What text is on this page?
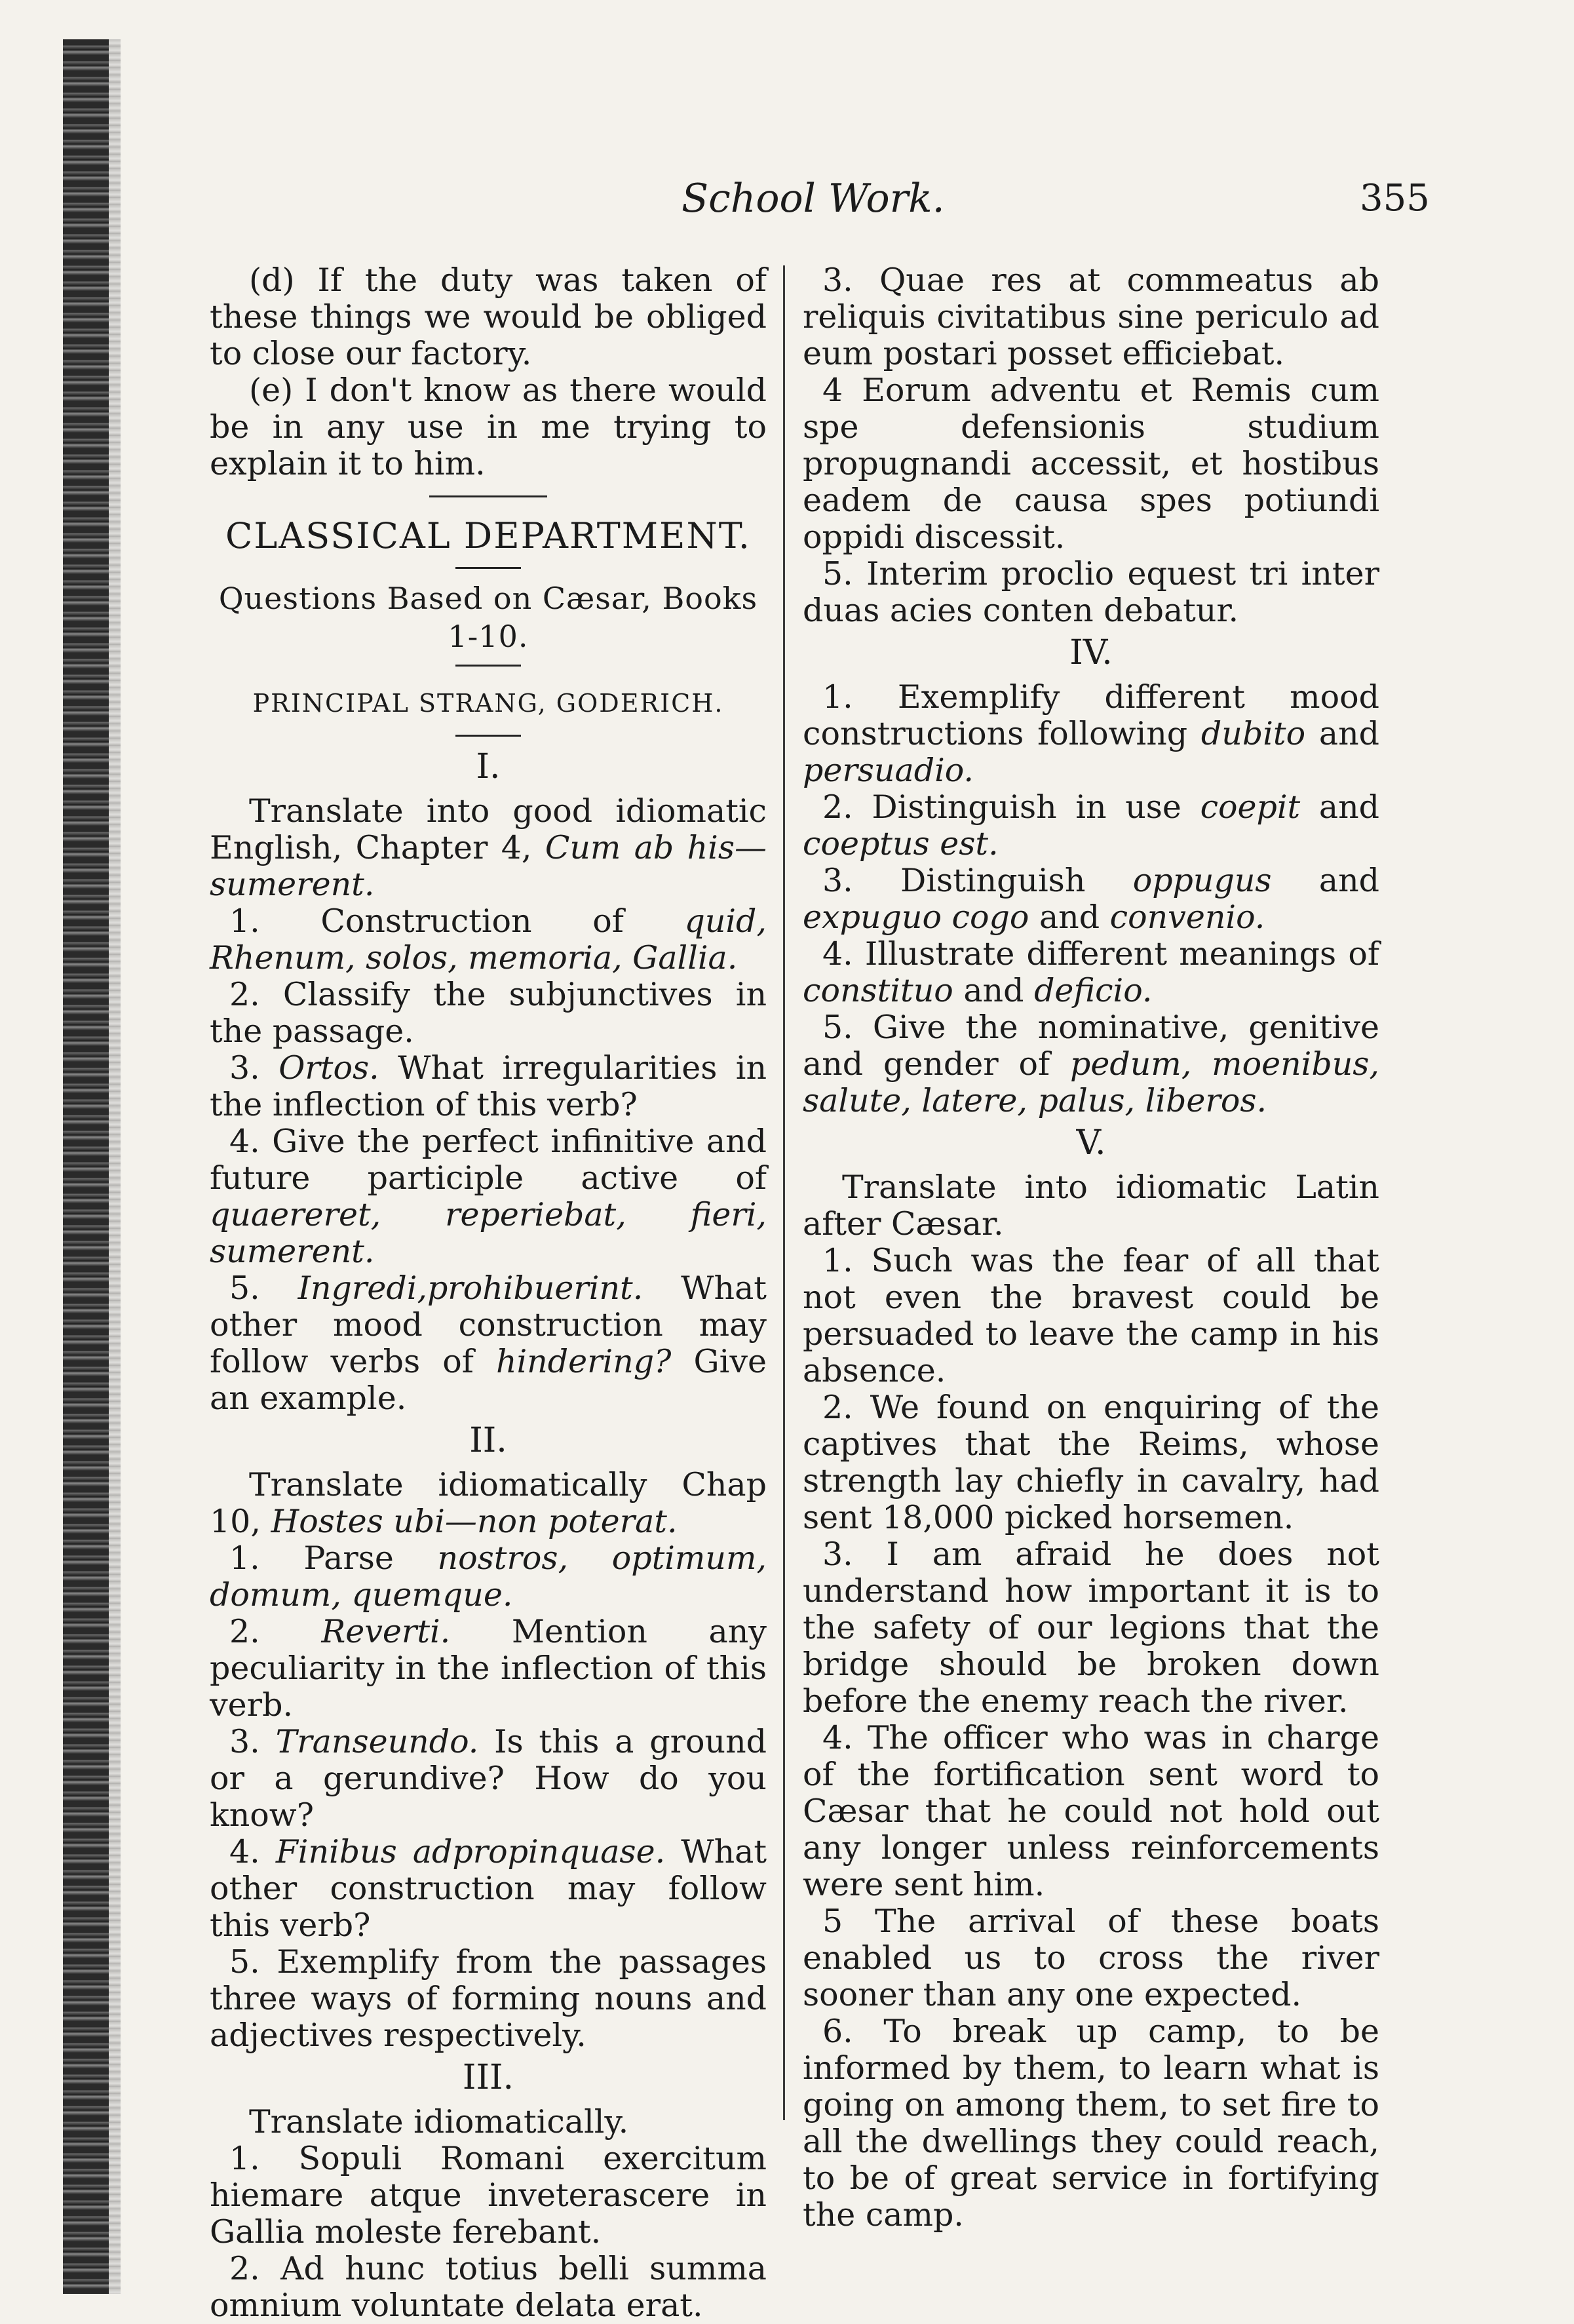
School Work.	355

(d) If the duty was taken of these things we would be obliged to close our factory.

(e) I don't know as there would be in any use in me trying to explain it to him.

CLASSICAL DEPARTMENT.
Questions Based on Cæsar, Books
1-10.
PRINCIPAL STRANG, GODERICH.
I.

Translate into good idiomatic English, Chapter 4, Cum ab his—sumerent.

1. Construction of quid, Rhenum, solos, memoria, Gallia.

2. Classify the subjunctives in the passage.

3. Ortos. What irregularities in the inflection of this verb?

4. Give the perfect infinitive and future participle active of quaereret, reperiebat, fieri, sumerent.

5. Ingredi,prohibuerint. What other mood construction may follow verbs of hindering? Give an example.

II.

Translate idiomatically Chap 10, Hostes ubi—non poterat.

1. Parse nostros, optimum, domum, quemque.

2. Reverti. Mention any peculiarity in the inflection of this verb.

3. Transeundo. Is this a ground or a gerundive? How do you know?

4. Finibus adpropinquase. What other construction may follow this verb?

5. Exemplify from the passages three ways of forming nouns and adjectives respectively.

III.

Translate idiomatically.

1. Sopuli Romani exercitum hiemare atque inveterascere in Gallia moleste ferebant.

2. Ad hunc totius belli summa omnium voluntate delata erat.

3. Quae res at commeatus ab reliquis civitatibus sine periculo ad eum postari posset efficiebat.

4 Eorum adventu et Remis cum spe defensionis studium propugnandi accessit, et hostibus eadem de causa spes potiundi oppidi discessit.

5. Interim proclio equest tri inter duas acies conten debatur.

IV.

1. Exemplify different mood constructions following dubito and persuadio.

2. Distinguish in use coepit and coeptus est.

3. Distinguish oppugus and expuguo cogo and convenio.

4. Illustrate different meanings of constituo and deficio.

5. Give the nominative, genitive and gender of pedum, moenibus, salute, latere, palus, liberos.

V.

Translate into idiomatic Latin after Cæsar.

1. Such was the fear of all that not even the bravest could be persuaded to leave the camp in his absence.

2. We found on enquiring of the captives that the Reims, whose strength lay chiefly in cavalry, had sent 18,000 picked horsemen.

3. I am afraid he does not understand how important it is to the safety of our legions that the bridge should be broken down before the enemy reach the river.

4. The officer who was in charge of the fortification sent word to Cæsar that he could not hold out any longer unless reinforcements were sent him.

5 The arrival of these boats enabled us to cross the river sooner than any one expected.

6. To break up camp, to be informed by them, to learn what is going on among them, to set fire to all the dwellings they could reach, to be of great service in fortifying the camp.
